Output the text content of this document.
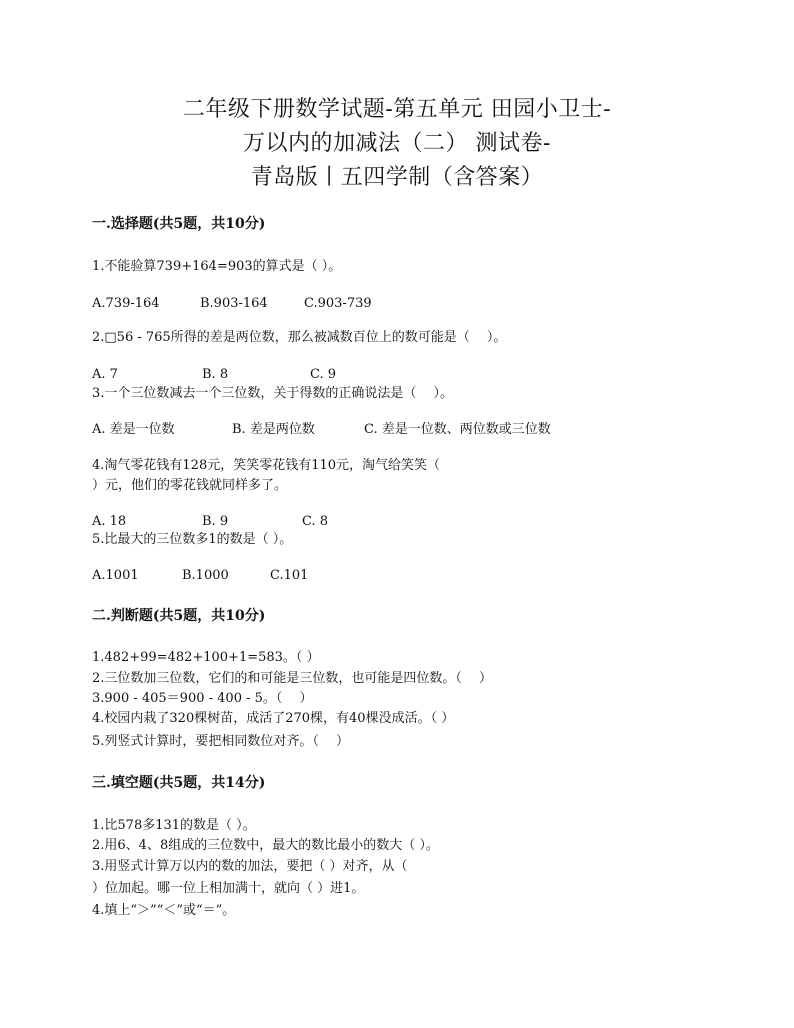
二年级下册数学试题-第五单元 田园小卫士-
万以内的加减法（二） 测试卷-
青岛版丨五四学制（含答案）
一.选择题(共5题，共10分)
1.不能验算739+164=903的算式是（ ）。
A.739-164	B.903-164	C.903-739
2.□56 - 765所得的差是两位数，那么被减数百位上的数可能是（　 ）。
A. 7	B. 8	C. 9
3.一个三位数减去一个三位数，关于得数的正确说法是（　 ）。
A. 差是一位数	B. 差是两位数	C. 差是一位数、两位数或三位数
4.淘气零花钱有128元，笑笑零花钱有110元，淘气给笑笑（
）元，他们的零花钱就同样多了。
A. 18	B. 9	C. 8
5.比最大的三位数多1的数是（ ）。
A.1001	B.1000	C.101
二.判断题(共5题，共10分)
1.482+99=482+100+1=583。（ ）
2.三位数加三位数，它们的和可能是三位数，也可能是四位数。（　 ）
3.900 - 405＝900 - 400 - 5。（　 ）
4.校园内栽了320棵树苗，成活了270棵，有40棵没成活。（ ）
5.列竖式计算时，要把相同数位对齐。（　 ）
三.填空题(共5题，共14分)
1.比578多131的数是（ ）。
2.用6、4、8组成的三位数中，最大的数比最小的数大（ ）。
3.用竖式计算万以内的数的加法，要把（ ）对齐，从（
）位加起。哪一位上相加满十，就向（ ）进1。
4.填上“＞”“＜”或“＝”。
